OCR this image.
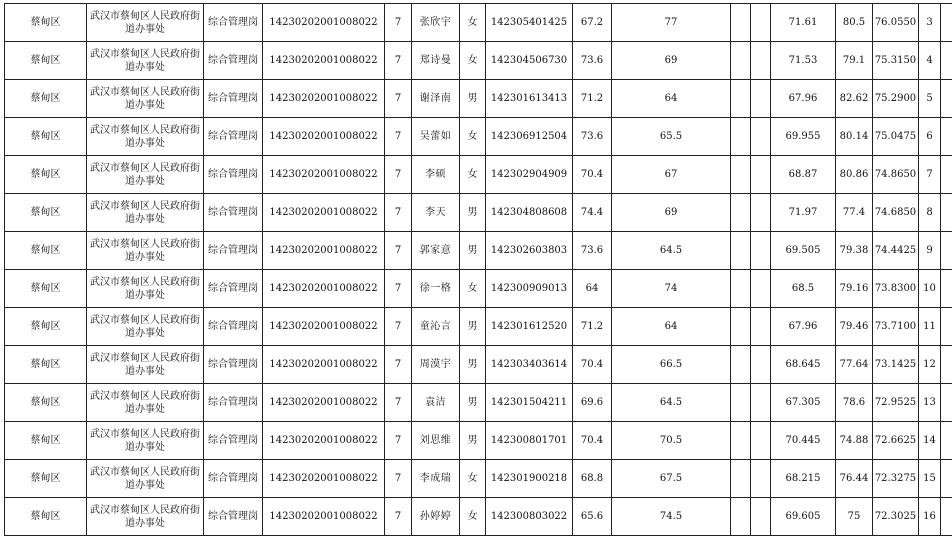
蔡甸区	武汉市蔡甸区人民政府街道办事处	综合管理岗	14230202001008022	7	张欣宇	女	142305401425	67.2	77			71.61	80.5	76.0550	3	
蔡甸区	武汉市蔡甸区人民政府街道办事处	综合管理岗	14230202001008022	7	郑诗曼	女	142304506730	73.6	69			71.53	79.1	75.3150	4	
蔡甸区	武汉市蔡甸区人民政府街道办事处	综合管理岗	14230202001008022	7	谢泽南	男	142301613413	71.2	64			67.96	82.62	75.2900	5	
蔡甸区	武汉市蔡甸区人民政府街道办事处	综合管理岗	14230202001008022	7	吴蕾如	女	142306912504	73.6	65.5			69.955	80.14	75.0475	6	
蔡甸区	武汉市蔡甸区人民政府街道办事处	综合管理岗	14230202001008022	7	李硕	女	142302904909	70.4	67			68.87	80.86	74.8650	7	
蔡甸区	武汉市蔡甸区人民政府街道办事处	综合管理岗	14230202001008022	7	李天	男	142304808608	74.4	69			71.97	77.4	74.6850	8	
蔡甸区	武汉市蔡甸区人民政府街道办事处	综合管理岗	14230202001008022	7	郭家意	男	142302603803	73.6	64.5			69.505	79.38	74.4425	9	
蔡甸区	武汉市蔡甸区人民政府街道办事处	综合管理岗	14230202001008022	7	徐一格	女	142300909013	64	74			68.5	79.16	73.8300	10	
蔡甸区	武汉市蔡甸区人民政府街道办事处	综合管理岗	14230202001008022	7	童沁言	男	142301612520	71.2	64			67.96	79.46	73.7100	11	
蔡甸区	武汉市蔡甸区人民政府街道办事处	综合管理岗	14230202001008022	7	周漠宇	男	142303403614	70.4	66.5			68.645	77.64	73.1425	12	
蔡甸区	武汉市蔡甸区人民政府街道办事处	综合管理岗	14230202001008022	7	袁洁	男	142301504211	69.6	64.5			67.305	78.6	72.9525	13	
蔡甸区	武汉市蔡甸区人民政府街道办事处	综合管理岗	14230202001008022	7	刘思维	男	142300801701	70.4	70.5			70.445	74.88	72.6625	14	
蔡甸区	武汉市蔡甸区人民政府街道办事处	综合管理岗	14230202001008022	7	李成瑞	女	142301900218	68.8	67.5			68.215	76.44	72.3275	15	
蔡甸区	武汉市蔡甸区人民政府街道办事处	综合管理岗	14230202001008022	7	孙婷婷	女	142300803022	65.6	74.5			69.605	75	72.3025	16	
